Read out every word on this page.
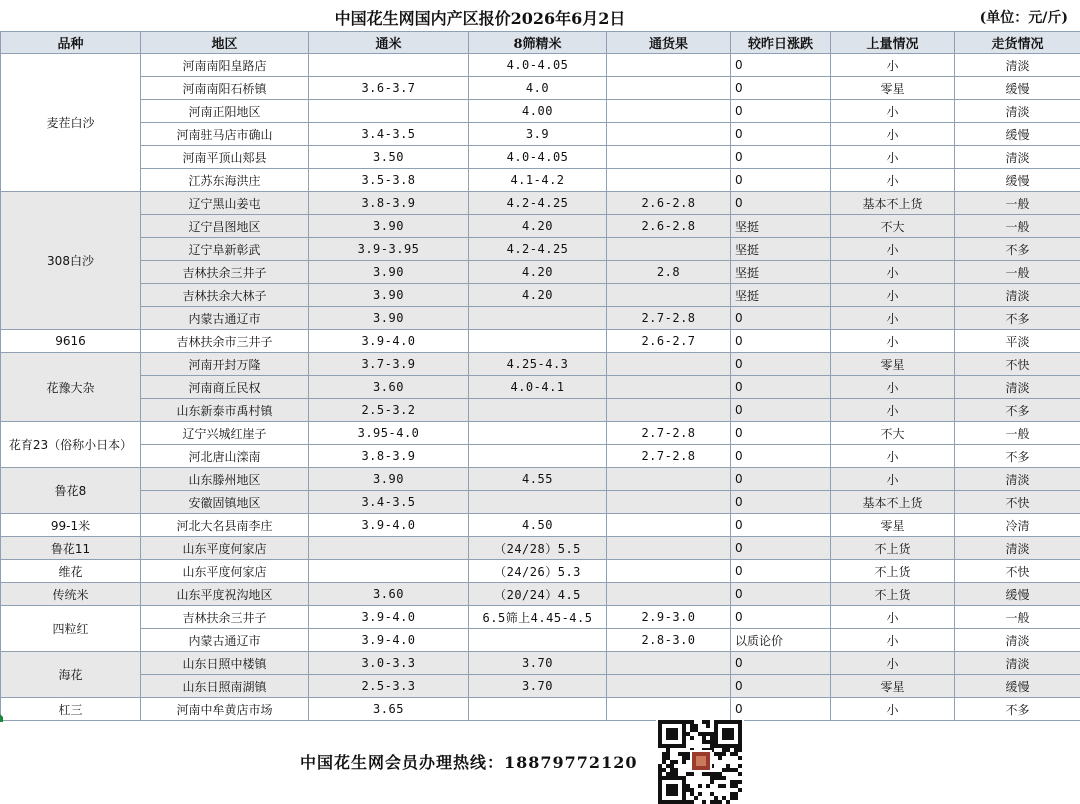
中国花生网国内产区报价2026年6月2日	(单位：元/斤)
品种	地区	通米	8筛精米	通货果	较昨日涨跌	上量情况	走货情况
麦茬白沙	河南南阳皇路店		4.0-4.05		0	小	清淡
	河南南阳石桥镇	3.6-3.7	4.0		0	零星	缓慢
	河南正阳地区		4.00		0	小	清淡
	河南驻马店市确山	3.4-3.5	3.9		0	小	缓慢
	河南平顶山郏县	3.50	4.0-4.05		0	小	清淡
	江苏东海洪庄	3.5-3.8	4.1-4.2		0	小	缓慢
308白沙	辽宁黑山姜屯	3.8-3.9	4.2-4.25	2.6-2.8	0	基本不上货	一般
	辽宁昌图地区	3.90	4.20	2.6-2.8	坚挺	不大	一般
	辽宁阜新彰武	3.9-3.95	4.2-4.25		坚挺	小	不多
	吉林扶余三井子	3.90	4.20	2.8	坚挺	小	一般
	吉林扶余大林子	3.90	4.20		坚挺	小	清淡
	内蒙古通辽市	3.90		2.7-2.8	0	小	不多
9616	吉林扶余市三井子	3.9-4.0		2.6-2.7	0	小	平淡
花豫大杂	河南开封万隆	3.7-3.9	4.25-4.3		0	零星	不快
	河南商丘民权	3.60	4.0-4.1		0	小	清淡
	山东新泰市禹村镇	2.5-3.2			0	小	不多
花育23（俗称小日本）	辽宁兴城红崖子	3.95-4.0		2.7-2.8	0	不大	一般
	河北唐山滦南	3.8-3.9		2.7-2.8	0	小	不多
鲁花8	山东滕州地区	3.90	4.55		0	小	清淡
	安徽固镇地区	3.4-3.5			0	基本不上货	不快
99-1米	河北大名县南李庄	3.9-4.0	4.50		0	零星	冷清
鲁花11	山东平度何家店		（24/28）5.5		0	不上货	清淡
维花	山东平度何家店		（24/26）5.3		0	不上货	不快
传统米	山东平度祝沟地区	3.60	（20/24）4.5		0	不上货	缓慢
四粒红	吉林扶余三井子	3.9-4.0	6.5筛上4.45-4.5	2.9-3.0	0	小	一般
	内蒙古通辽市	3.9-4.0		2.8-3.0	以质论价	小	清淡
海花	山东日照中楼镇	3.0-3.3	3.70		0	小	清淡
	山东日照南湖镇	2.5-3.3	3.70		0	零星	缓慢
杠三	河南中牟黄店市场	3.65			0	小	不多
中国花生网会员办理热线：18879772120
